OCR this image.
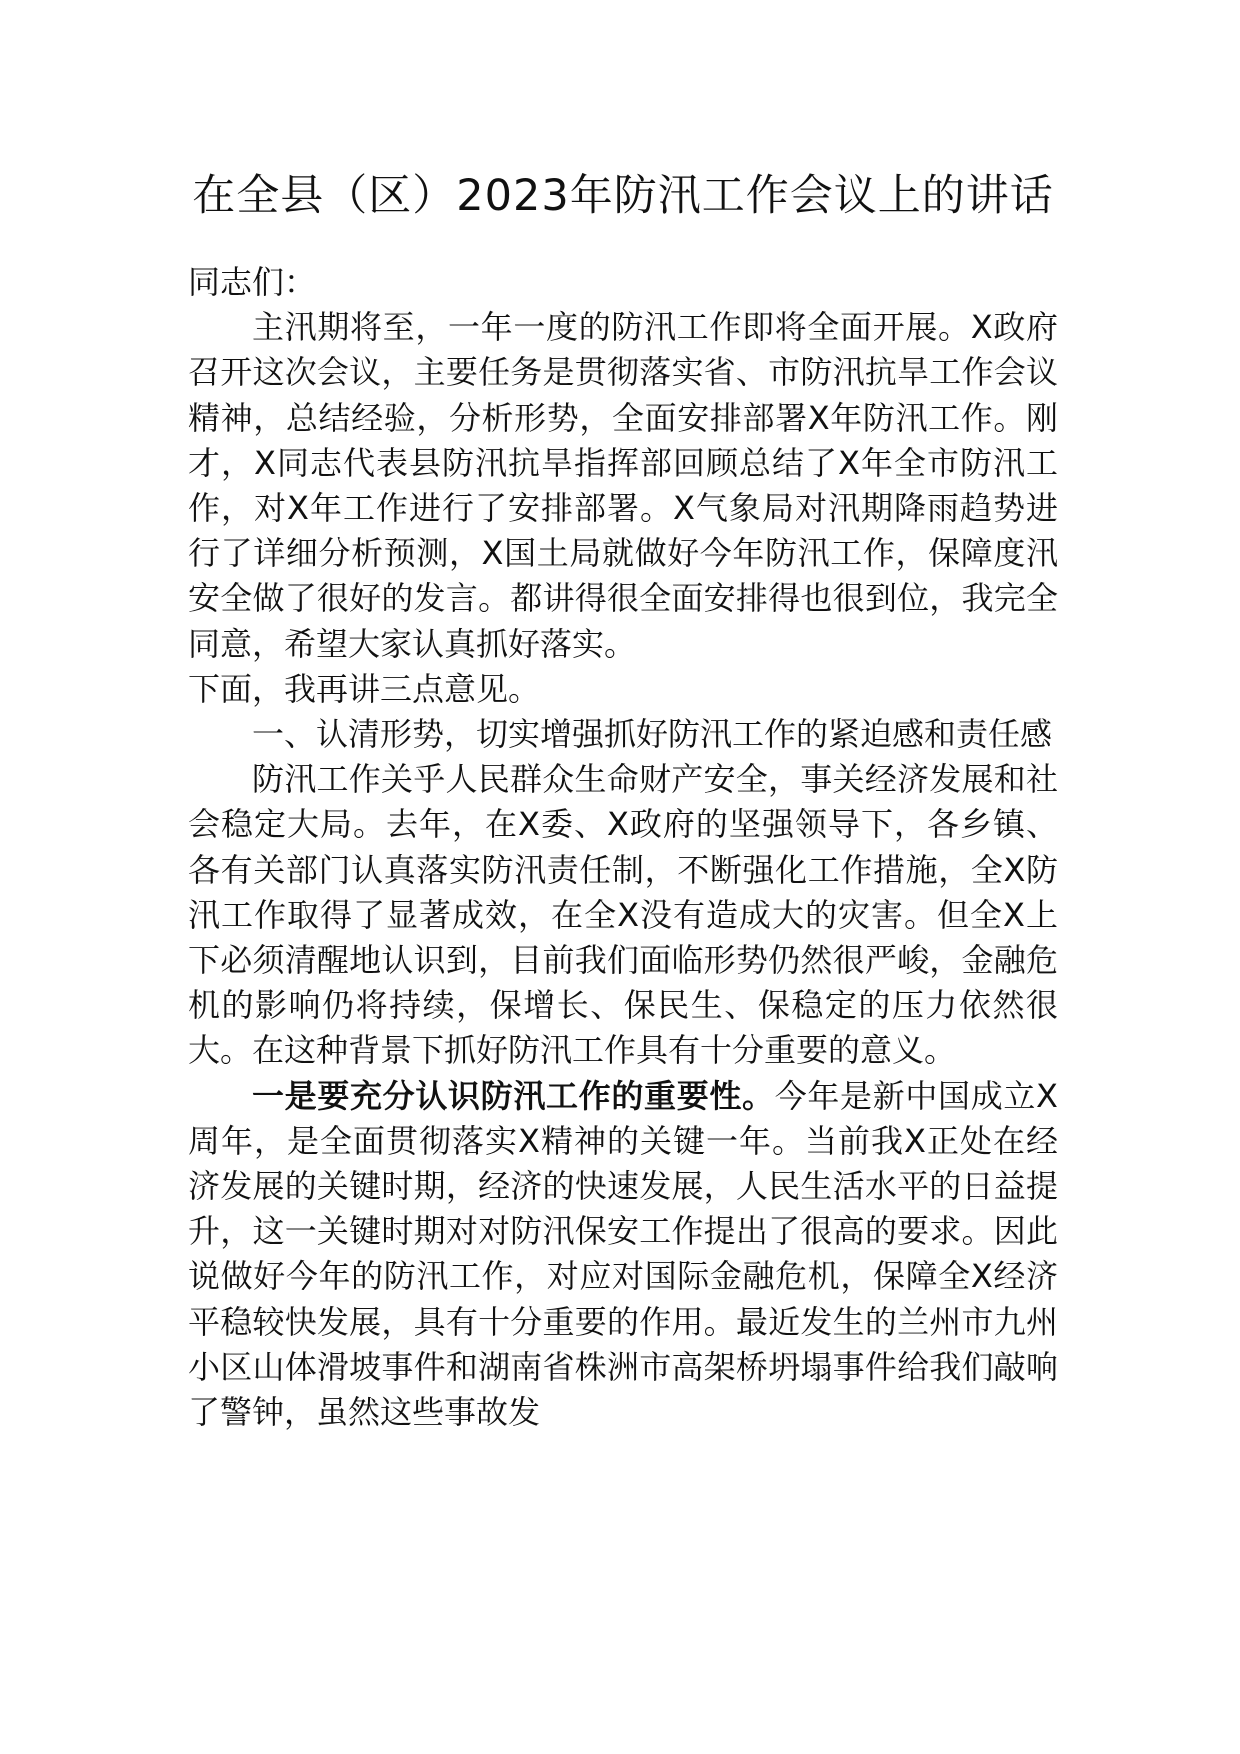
在全县（区）2023年防汛工作会议上的讲话

同志们：

主汛期将至，一年一度的防汛工作即将全面开展。X政府召开这次会议，主要任务是贯彻落实省、市防汛抗旱工作会议精神，总结经验，分析形势，全面安排部署X年防汛工作。刚才，X同志代表县防汛抗旱指挥部回顾总结了X年全市防汛工作，对X年工作进行了安排部署。X气象局对汛期降雨趋势进行了详细分析预测，X国土局就做好今年防汛工作，保障度汛安全做了很好的发言。都讲得很全面安排得也很到位，我完全同意，希望大家认真抓好落实。

下面，我再讲三点意见。

一、认清形势，切实增强抓好防汛工作的紧迫感和责任感

防汛工作关乎人民群众生命财产安全，事关经济发展和社会稳定大局。去年，在X委、X政府的坚强领导下，各乡镇、各有关部门认真落实防汛责任制，不断强化工作措施，全X防汛工作取得了显著成效，在全X没有造成大的灾害。但全X上下必须清醒地认识到，目前我们面临形势仍然很严峻，金融危机的影响仍将持续，保增长、保民生、保稳定的压力依然很大。在这种背景下抓好防汛工作具有十分重要的意义。

一是要充分认识防汛工作的重要性。今年是新中国成立X周年，是全面贯彻落实X精神的关键一年。当前我X正处在经济发展的关键时期，经济的快速发展，人民生活水平的日益提升，这一关键时期对对防汛保安工作提出了很高的要求。因此说做好今年的防汛工作，对应对国际金融危机，保障全X经济平稳较快发展，具有十分重要的作用。最近发生的兰州市九州小区山体滑坡事件和湖南省株洲市高架桥坍塌事件给我们敲响了警钟，虽然这些事故发
